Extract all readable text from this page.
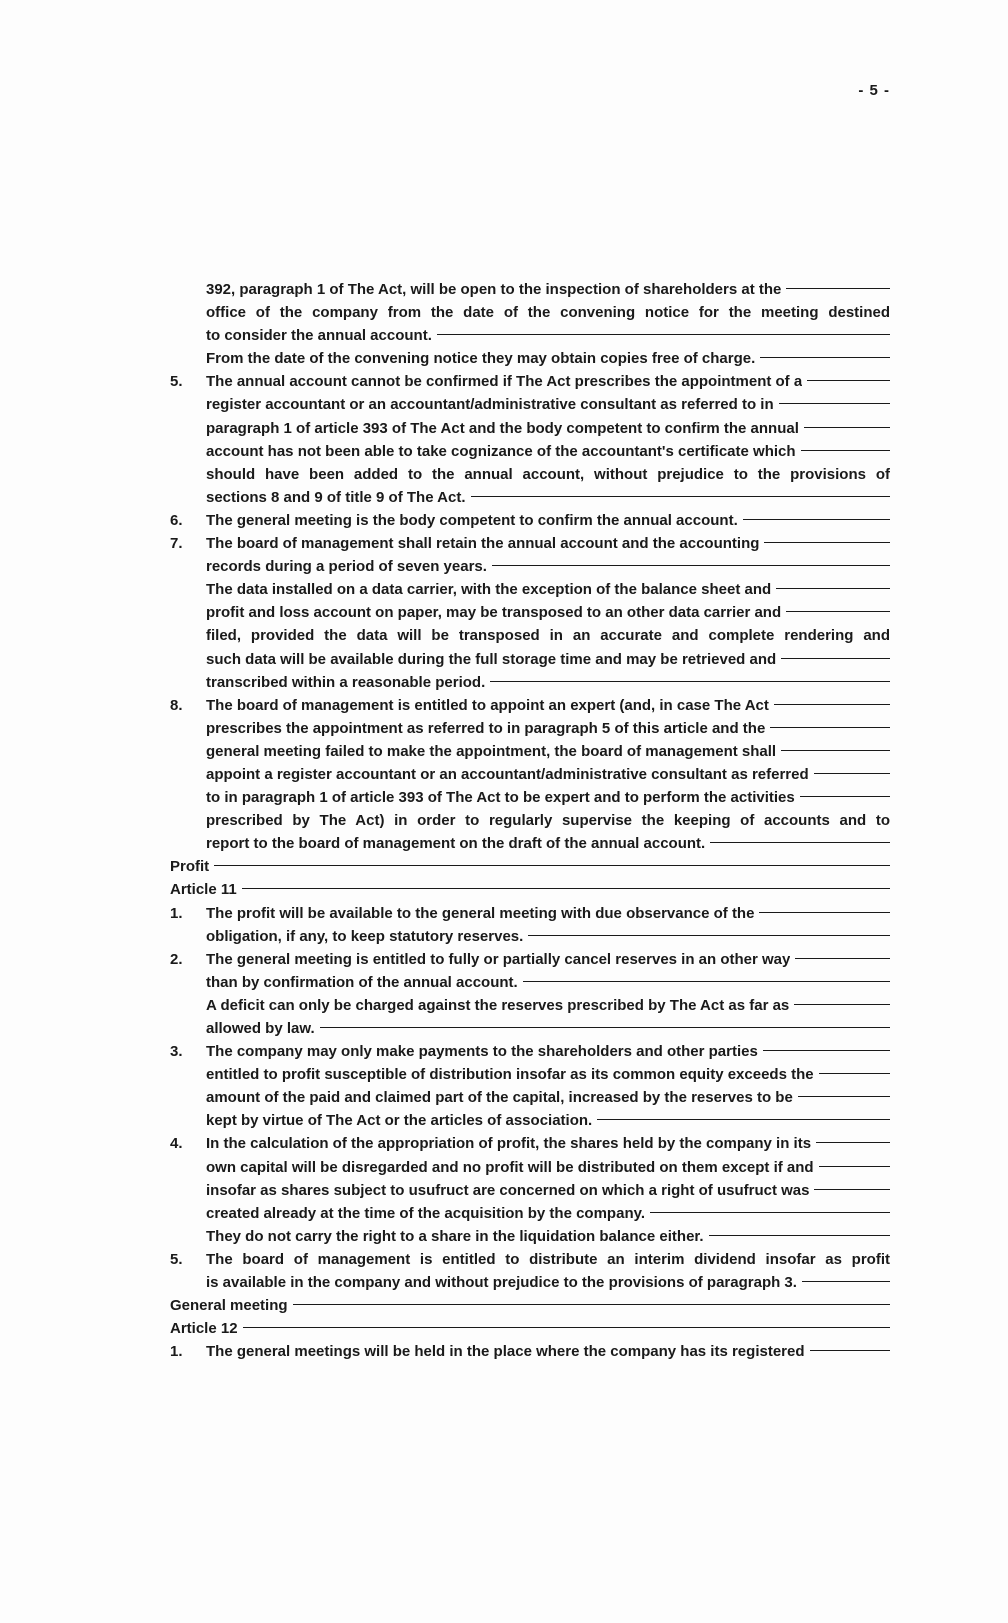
- 5 -
392, paragraph 1 of The Act, will be open to the inspection of shareholders at the
office of the company from the date of the convening notice for the meeting destined
to consider the annual account.
From the date of the convening notice they may obtain copies free of charge.
5.	The annual account cannot be confirmed if The Act prescribes the appointment of a
register accountant or an accountant/administrative consultant as referred to in
paragraph 1 of article 393 of The Act and the body competent to confirm the annual
account has not been able to take cognizance of the accountant's certificate which
should have been added to the annual account, without prejudice to the provisions of
sections 8 and 9 of title 9 of The Act.
6.	The general meeting is the body competent to confirm the annual account.
7.	The board of management shall retain the annual account and the accounting
records during a period of seven years.
The data installed on a data carrier, with the exception of the balance sheet and
profit and loss account on paper, may be transposed to an other data carrier and
filed, provided the data will be transposed in an accurate and complete rendering and
such data will be available during the full storage time and may be retrieved and
transcribed within a reasonable period.
8.	The board of management is entitled to appoint an expert (and, in case The Act
prescribes the appointment as referred to in paragraph 5 of this article and the
general meeting failed to make the appointment, the board of management shall
appoint a register accountant or an accountant/administrative consultant as referred
to in paragraph 1 of article 393 of The Act to be expert and to perform the activities
prescribed by The Act) in order to regularly supervise the keeping of accounts and to
report to the board of management on the draft of the annual account.
Profit
Article 11
1.	The profit will be available to the general meeting with due observance of the
obligation, if any, to keep statutory reserves.
2.	The general meeting is entitled to fully or partially cancel reserves in an other way
than by confirmation of the annual account.
A deficit can only be charged against the reserves prescribed by The Act as far as
allowed by law.
3.	The company may only make payments to the shareholders and other parties
entitled to profit susceptible of distribution insofar as its common equity exceeds the
amount of the paid and claimed part of the capital, increased by the reserves to be
kept by virtue of The Act or the articles of association.
4.	In the calculation of the appropriation of profit, the shares held by the company in its
own capital will be disregarded and no profit will be distributed on them except if and
insofar as shares subject to usufruct are concerned on which a right of usufruct was
created already at the time of the acquisition by the company.
They do not carry the right to a share in the liquidation balance either.
5.	The board of management is entitled to distribute an interim dividend insofar as profit
is available in the company and without prejudice to the provisions of paragraph 3.
General meeting
Article 12
1.	The general meetings will be held in the place where the company has its registered
